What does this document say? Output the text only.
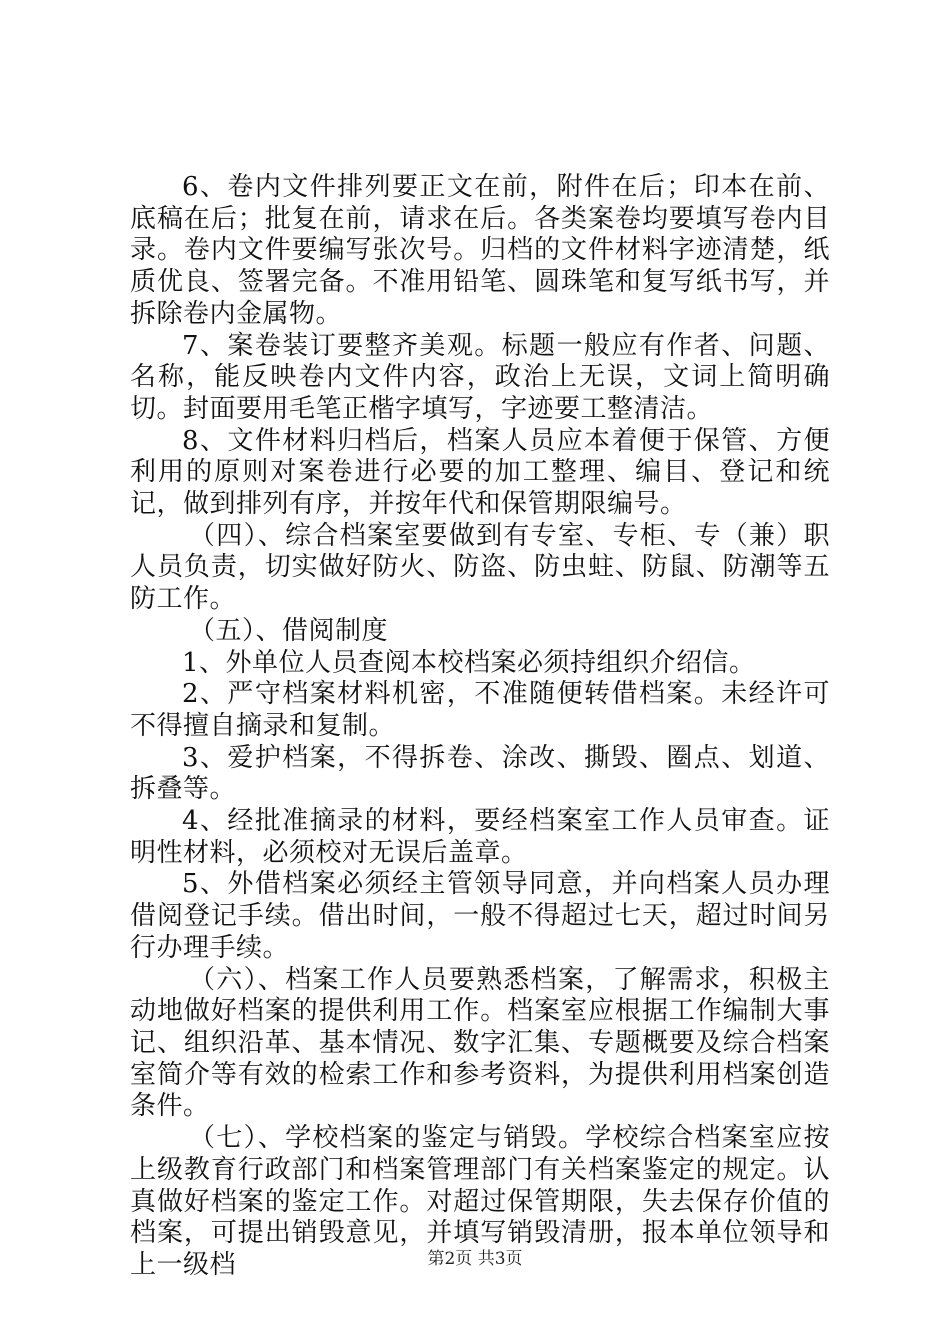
6、卷内文件排列要正文在前，附件在后；印本在前、底稿在后；批复在前，请求在后。各类案卷均要填写卷内目录。卷内文件要编写张次号。归档的文件材料字迹清楚，纸质优良、签署完备。不准用铅笔、圆珠笔和复写纸书写，并拆除卷内金属物。

7、案卷装订要整齐美观。标题一般应有作者、问题、名称，能反映卷内文件内容，政治上无误，文词上简明确切。封面要用毛笔正楷字填写，字迹要工整清洁。

8、文件材料归档后，档案人员应本着便于保管、方便利用的原则对案卷进行必要的加工整理、编目、登记和统记，做到排列有序，并按年代和保管期限编号。

（四）、综合档案室要做到有专室、专柜、专（兼）职人员负责，切实做好防火、防盗、防虫蛀、防鼠、防潮等五防工作。

（五）、借阅制度

1、外单位人员查阅本校档案必须持组织介绍信。

2、严守档案材料机密，不准随便转借档案。未经许可不得擅自摘录和复制。

3、爱护档案，不得拆卷、涂改、撕毁、圈点、划道、拆叠等。

4、经批准摘录的材料，要经档案室工作人员审查。证明性材料，必须校对无误后盖章。

5、外借档案必须经主管领导同意，并向档案人员办理借阅登记手续。借出时间，一般不得超过七天，超过时间另行办理手续。

（六）、档案工作人员要熟悉档案，了解需求，积极主动地做好档案的提供利用工作。档案室应根据工作编制大事记、组织沿革、基本情况、数字汇集、专题概要及综合档案室简介等有效的检索工作和参考资料，为提供利用档案创造条件。

（七）、学校档案的鉴定与销毁。学校综合档案室应按上级教育行政部门和档案管理部门有关档案鉴定的规定。认真做好档案的鉴定工作。对超过保管期限，失去保存价值的档案，可提出销毁意见，并填写销毁清册，报本单位领导和上一级档	第2页 共3页
